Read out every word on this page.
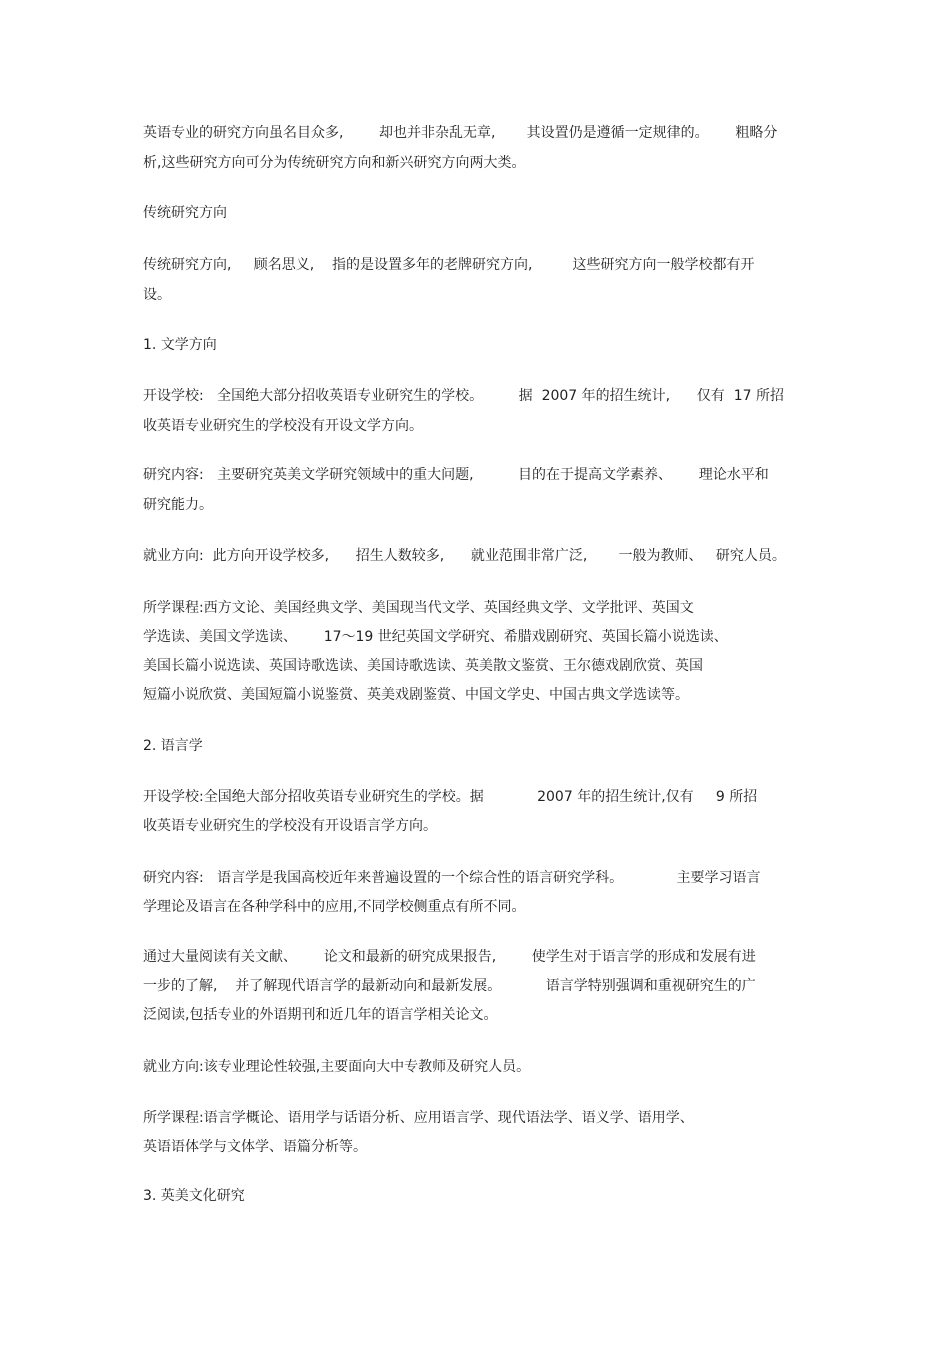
英语专业的研究方向虽名目众多,        却也并非杂乱无章,       其设置仍是遵循一定规律的。      粗略分
析,这些研究方向可分为传统研究方向和新兴研究方向两大类。
传统研究方向
传统研究方向,     顾名思义,    指的是设置多年的老牌研究方向,         这些研究方向一般学校都有开
设。
1. 文学方向
开设学校:   全国绝大部分招收英语专业研究生的学校。        据  2007 年的招生统计,      仅有  17 所招
收英语专业研究生的学校没有开设文学方向。
研究内容:   主要研究英美文学研究领域中的重大问题,          目的在于提高文学素养、      理论水平和
研究能力。
就业方向:  此方向开设学校多,      招生人数较多,      就业范围非常广泛,       一般为教师、   研究人员。
所学课程:西方文论、美国经典文学、美国现当代文学、英国经典文学、文学批评、英国文
学选读、美国文学选读、      17～19 世纪英国文学研究、希腊戏剧研究、英国长篇小说选读、
美国长篇小说选读、英国诗歌选读、美国诗歌选读、英美散文鉴赏、王尔德戏剧欣赏、英国
短篇小说欣赏、美国短篇小说鉴赏、英美戏剧鉴赏、中国文学史、中国古典文学选读等。
2. 语言学
开设学校:全国绝大部分招收英语专业研究生的学校。据            2007 年的招生统计,仅有     9 所招
收英语专业研究生的学校没有开设语言学方向。
研究内容:   语言学是我国高校近年来普遍设置的一个综合性的语言研究学科。            主要学习语言
学理论及语言在各种学科中的应用,不同学校侧重点有所不同。
通过大量阅读有关文献、      论文和最新的研究成果报告,        使学生对于语言学的形成和发展有进
一步的了解,    并了解现代语言学的最新动向和最新发展。          语言学特别强调和重视研究生的广
泛阅读,包括专业的外语期刊和近几年的语言学相关论文。
就业方向:该专业理论性较强,主要面向大中专教师及研究人员。
所学课程:语言学概论、语用学与话语分析、应用语言学、现代语法学、语义学、语用学、
英语语体学与文体学、语篇分析等。
3. 英美文化研究
